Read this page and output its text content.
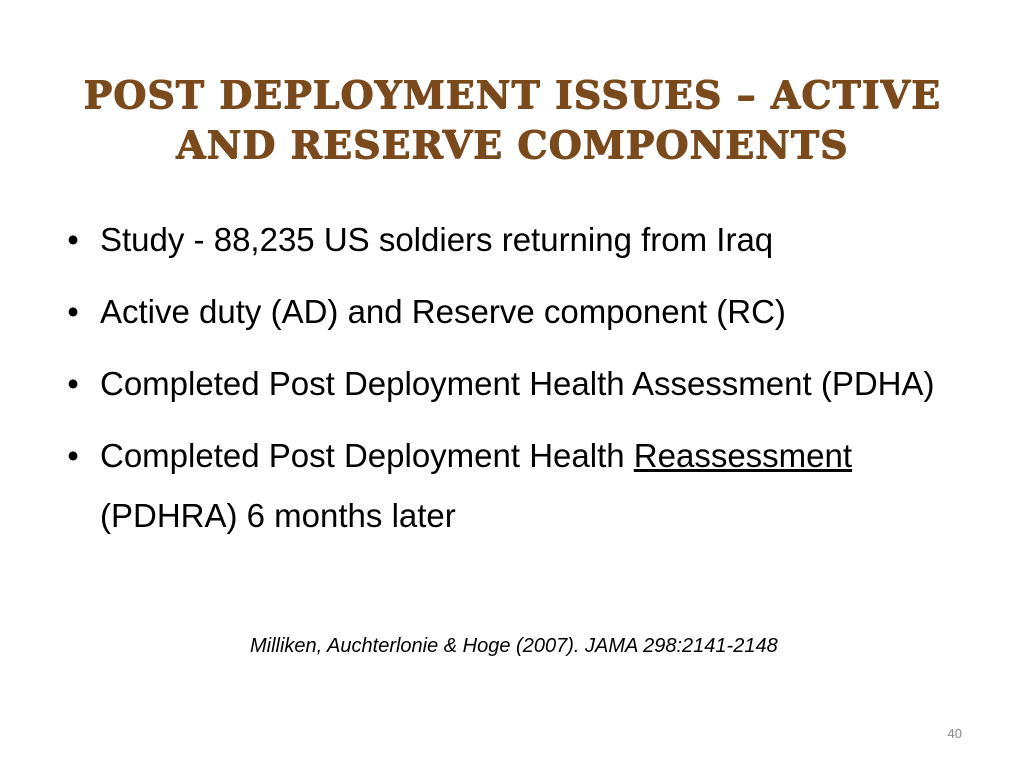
POST DEPLOYMENT ISSUES – ACTIVE
AND RESERVE COMPONENTS
• Study - 88,235 US soldiers returning from Iraq
• Active duty (AD) and Reserve component (RC)
• Completed Post Deployment Health Assessment (PDHA)
• Completed Post Deployment Health Reassessment (PDHRA) 6 months later
Milliken, Auchterlonie & Hoge (2007). JAMA 298:2141-2148
40
